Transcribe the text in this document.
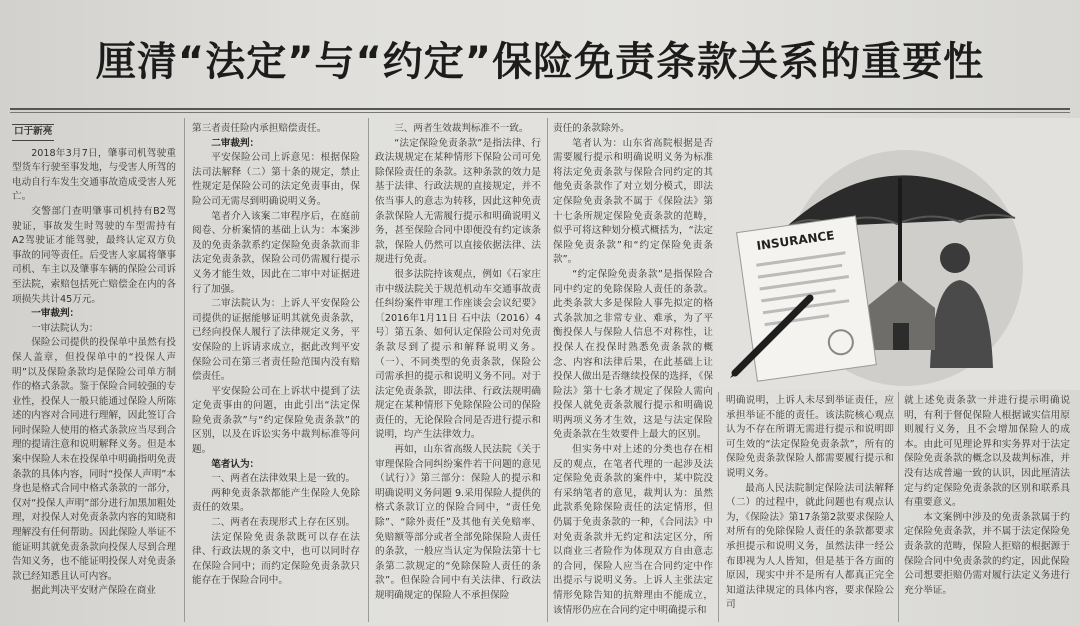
厘清“法定”与“约定”保险免责条款关系的重要性
口于新亮

2018年3月7日，肇事司机驾驶重型货车行驶至事发地，与受害人所驾的电动自行车发生交通事故造成受害人死亡。

交警部门查明肇事司机持有B2驾驶证，事故发生时驾驶的车型需持有A2驾驶证才能驾驶，最终认定双方负事故的同等责任。后受害人家属将肇事司机、车主以及肇事车辆的保险公司诉至法院，索赔包括死亡赔偿金在内的各项损失共计45万元。

一审裁判：

一审法院认为：

保险公司提供的投保单中虽然有投保人盖章，但投保单中的“投保人声明”以及保险条款均是保险公司单方制作的格式条款。鉴于保险合同较强的专业性，投保人一般只能通过保险人所陈述的内容对合同进行理解，因此签订合同时保险人使用的格式条款应当尽到合理的提请注意和说明解释义务。但是本案中保险人未在投保单中明确指明免责条款的具体内容，同时“投保人声明”本身也是格式合同中格式条款的一部分，仅对“投保人声明”部分进行加黑加粗处理，对投保人对免责条款内容的知晓和理解没有任何帮助。因此保险人举证不能证明其就免责条款向投保人尽到合理告知义务，也不能证明投保人对免责条款已经知悉且认可内容。

据此判决平安财产保险在商业

第三者责任险内承担赔偿责任。

二审裁判：

平安保险公司上诉意见：根据保险法司法解释（二）第十条的规定，禁止性规定是保险公司的法定免责事由，保险公司无需尽到明确说明义务。

笔者介入该案二审程序后，在庭前阅卷、分析案情的基础上认为：本案涉及的免责条款系约定保险免责条款而非法定免责条款，保险公司仍需履行提示义务才能生效，因此在二审中对证据进行了加强。

二审法院认为：上诉人平安保险公司提供的证据能够证明其就免责条款，已经向投保人履行了法律规定义务，平安保险的上诉请求成立，据此改判平安保险公司在第三者责任险范围内没有赔偿责任。

平安保险公司在上诉状中提到了法定免责事由的问题，由此引出“法定保险免责条款”与“约定保险免责条款”的区别，以及在诉讼实务中裁判标准等问题。

笔者认为：

一、两者在法律效果上是一致的。

两种免责条款都能产生保险人免除责任的效果。

二、两者在表现形式上存在区别。

法定保险免责条款既可以存在法律、行政法规的条文中，也可以同时存在保险合同中；而约定保险免责条款只能存在于保险合同中。

三、两者生效裁判标准不一致。

“法定保险免责条款”是指法律、行政法规规定在某种情形下保险公司可免除保险责任的条款。这种条款的效力是基于法律、行政法规的直接规定，并不依当事人的意志为转移，因此这种免责条款保险人无需履行提示和明确说明义务，甚至保险合同中即便没有约定该条款，保险人仍然可以直接依据法律、法规进行免责。

很多法院持该观点，例如《石家庄市中级法院关于规范机动车交通事故责任纠纷案件审理工作座谈会会议纪要》〔2016年1月11日 石中法（2016）4号〕第五条、如何认定保险公司对免责条款尽到了提示和解释说明义务。（一）、不同类型的免责条款，保险公司需承担的提示和说明义务不同。对于法定免责条款，即法律、行政法规明确规定在某种情形下免除保险公司的保险责任的，无论保险合同是否进行提示和说明，均产生法律效力。

再如，山东省高级人民法院《关于审理保险合同纠纷案件若干问题的意见（试行）》第三部分：保险人的提示和明确说明义务问题 9.采用保险人提供的格式条款订立的保险合同中，“责任免除”、“除外责任”及其他有关免赔率、免赔额等部分或者全部免除保险人责任的条款，一般应当认定为保险法第十七条第二款规定的“免除保险人责任的条款”。但保险合同中有关法律、行政法规明确规定的保险人不承担保险

责任的条款除外。

笔者认为：山东省高院根据是否需要履行提示和明确说明义务为标准将法定免责条款与保险合同约定的其他免责条款作了对立划分模式，即法定保险免责条款不属于《保险法》第十七条所规定保险免责条款的范畴，似乎可将这种划分模式概括为，“法定保险免责条款”和“约定保险免责条款”。

“约定保险免责条款”是指保险合同中约定的免除保险人责任的条款。此类条款大多是保险人事先拟定的格式条款加之非常专业、难承，为了平衡投保人与保险人信息不对称性，让投保人在投保时熟悉免责条款的概念、内容和法律后果，在此基础上让投保人做出是否继续投保的选择，《保险法》第十七条才规定了保险人需向投保人就免责条款履行提示和明确说明两项义务才生效，这是与法定保险免责条款在生效要件上最大的区别。

但实务中对上述的分类也存在相反的观点，在笔者代理的一起涉及法定保险免责条款的案件中，某中院没有采纳笔者的意见，裁判认为：虽然此款系免除保险责任的法定情形，但仍属于免责条款的一种，《合同法》中对免责条款并无约定和法定区分，所以商业三者险作为体现双方自由意志的合同，保险人应当在合同约定中作出提示与说明义务。上诉人主张法定情形免除告知的抗辩理由不能成立，该情形仍应在合同约定中明确提示和

INSURANCE

明确说明，上诉人未尽到举证责任，应承担举证不能的责任。该法院核心观点认为不存在所谓无需进行提示和说明即可生效的“法定保险免责条款”，所有的保险免责条款保险人都需要履行提示和说明义务。

最高人民法院制定保险法司法解释（二）的过程中，就此问题也有观点认为，《保险法》第17条第2款要求保险人对所有的免除保险人责任的条款都要求承担提示和说明义务，虽然法律一经公布即视为人人皆知，但是基于各方面的原因，现实中并不是所有人都真正完全知道法律规定的具体内容，要求保险公司

就上述免责条款一并进行提示明确说明，有利于督促保险人根据诚实信用原则履行义务，且不会增加保险人的成本。由此可见理论界和实务界对于法定保险免责条款的概念以及裁判标准，并没有达成普遍一致的认识，因此厘清法定与约定保险免责条款的区别和联系具有重要意义。

本文案例中涉及的免责条款属于约定保险免责条款，并不属于法定保险免责条款的范畴，保险人拒赔的根据源于保险合同中免责条款的约定，因此保险公司想要拒赔仍需对履行法定义务进行充分举证。
